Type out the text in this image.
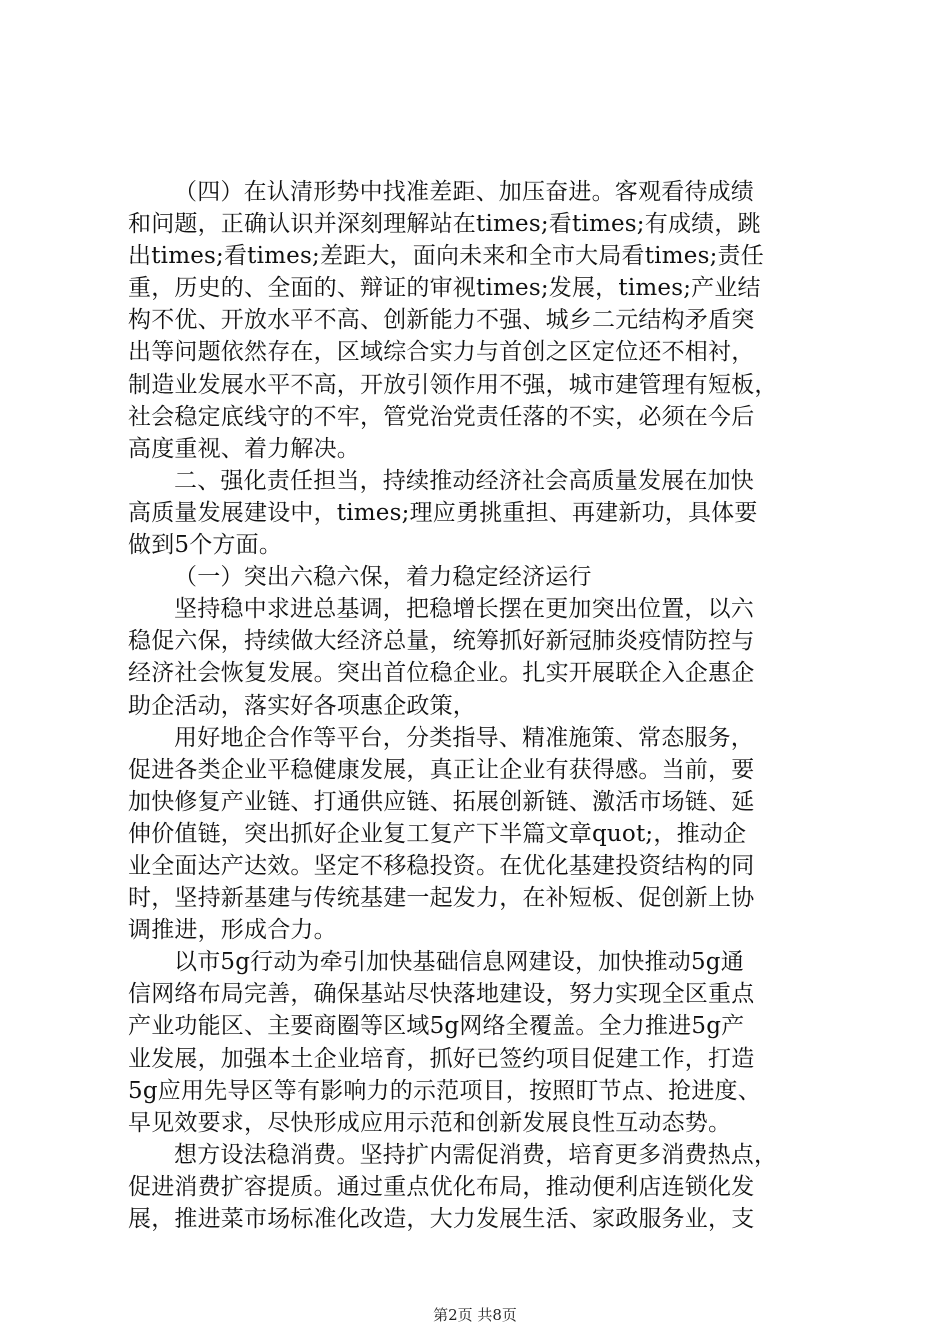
（四）在认清形势中找准差距、加压奋进。客观看待成绩
和问题，正确认识并深刻理解站在times;看times;有成绩，跳
出times;看times;差距大，面向未来和全市大局看times;责任
重，历史的、全面的、辩证的审视times;发展，times;产业结
构不优、开放水平不高、创新能力不强、城乡二元结构矛盾突
出等问题依然存在，区域综合实力与首创之区定位还不相衬，
制造业发展水平不高，开放引领作用不强，城市建管理有短板，
社会稳定底线守的不牢，管党治党责任落的不实，必须在今后
高度重视、着力解决。
二、强化责任担当，持续推动经济社会高质量发展在加快
高质量发展建设中，times;理应勇挑重担、再建新功，具体要
做到5个方面。
（一）突出六稳六保，着力稳定经济运行
坚持稳中求进总基调，把稳增长摆在更加突出位置，以六
稳促六保，持续做大经济总量，统筹抓好新冠肺炎疫情防控与
经济社会恢复发展。突出首位稳企业。扎实开展联企入企惠企
助企活动，落实好各项惠企政策，
用好地企合作等平台，分类指导、精准施策、常态服务，
促进各类企业平稳健康发展，真正让企业有获得感。当前，要
加快修复产业链、打通供应链、拓展创新链、激活市场链、延
伸价值链，突出抓好企业复工复产下半篇文章quot;，推动企
业全面达产达效。坚定不移稳投资。在优化基建投资结构的同
时，坚持新基建与传统基建一起发力，在补短板、促创新上协
调推进，形成合力。
以市5g行动为牵引加快基础信息网建设，加快推动5g通
信网络布局完善，确保基站尽快落地建设，努力实现全区重点
产业功能区、主要商圈等区域5g网络全覆盖。全力推进5g产
业发展，加强本土企业培育，抓好已签约项目促建工作，打造
5g应用先导区等有影响力的示范项目，按照盯节点、抢进度、
早见效要求，尽快形成应用示范和创新发展良性互动态势。
想方设法稳消费。坚持扩内需促消费，培育更多消费热点，
促进消费扩容提质。通过重点优化布局，推动便利店连锁化发
展，推进菜市场标准化改造，大力发展生活、家政服务业，支
第2页 共8页
